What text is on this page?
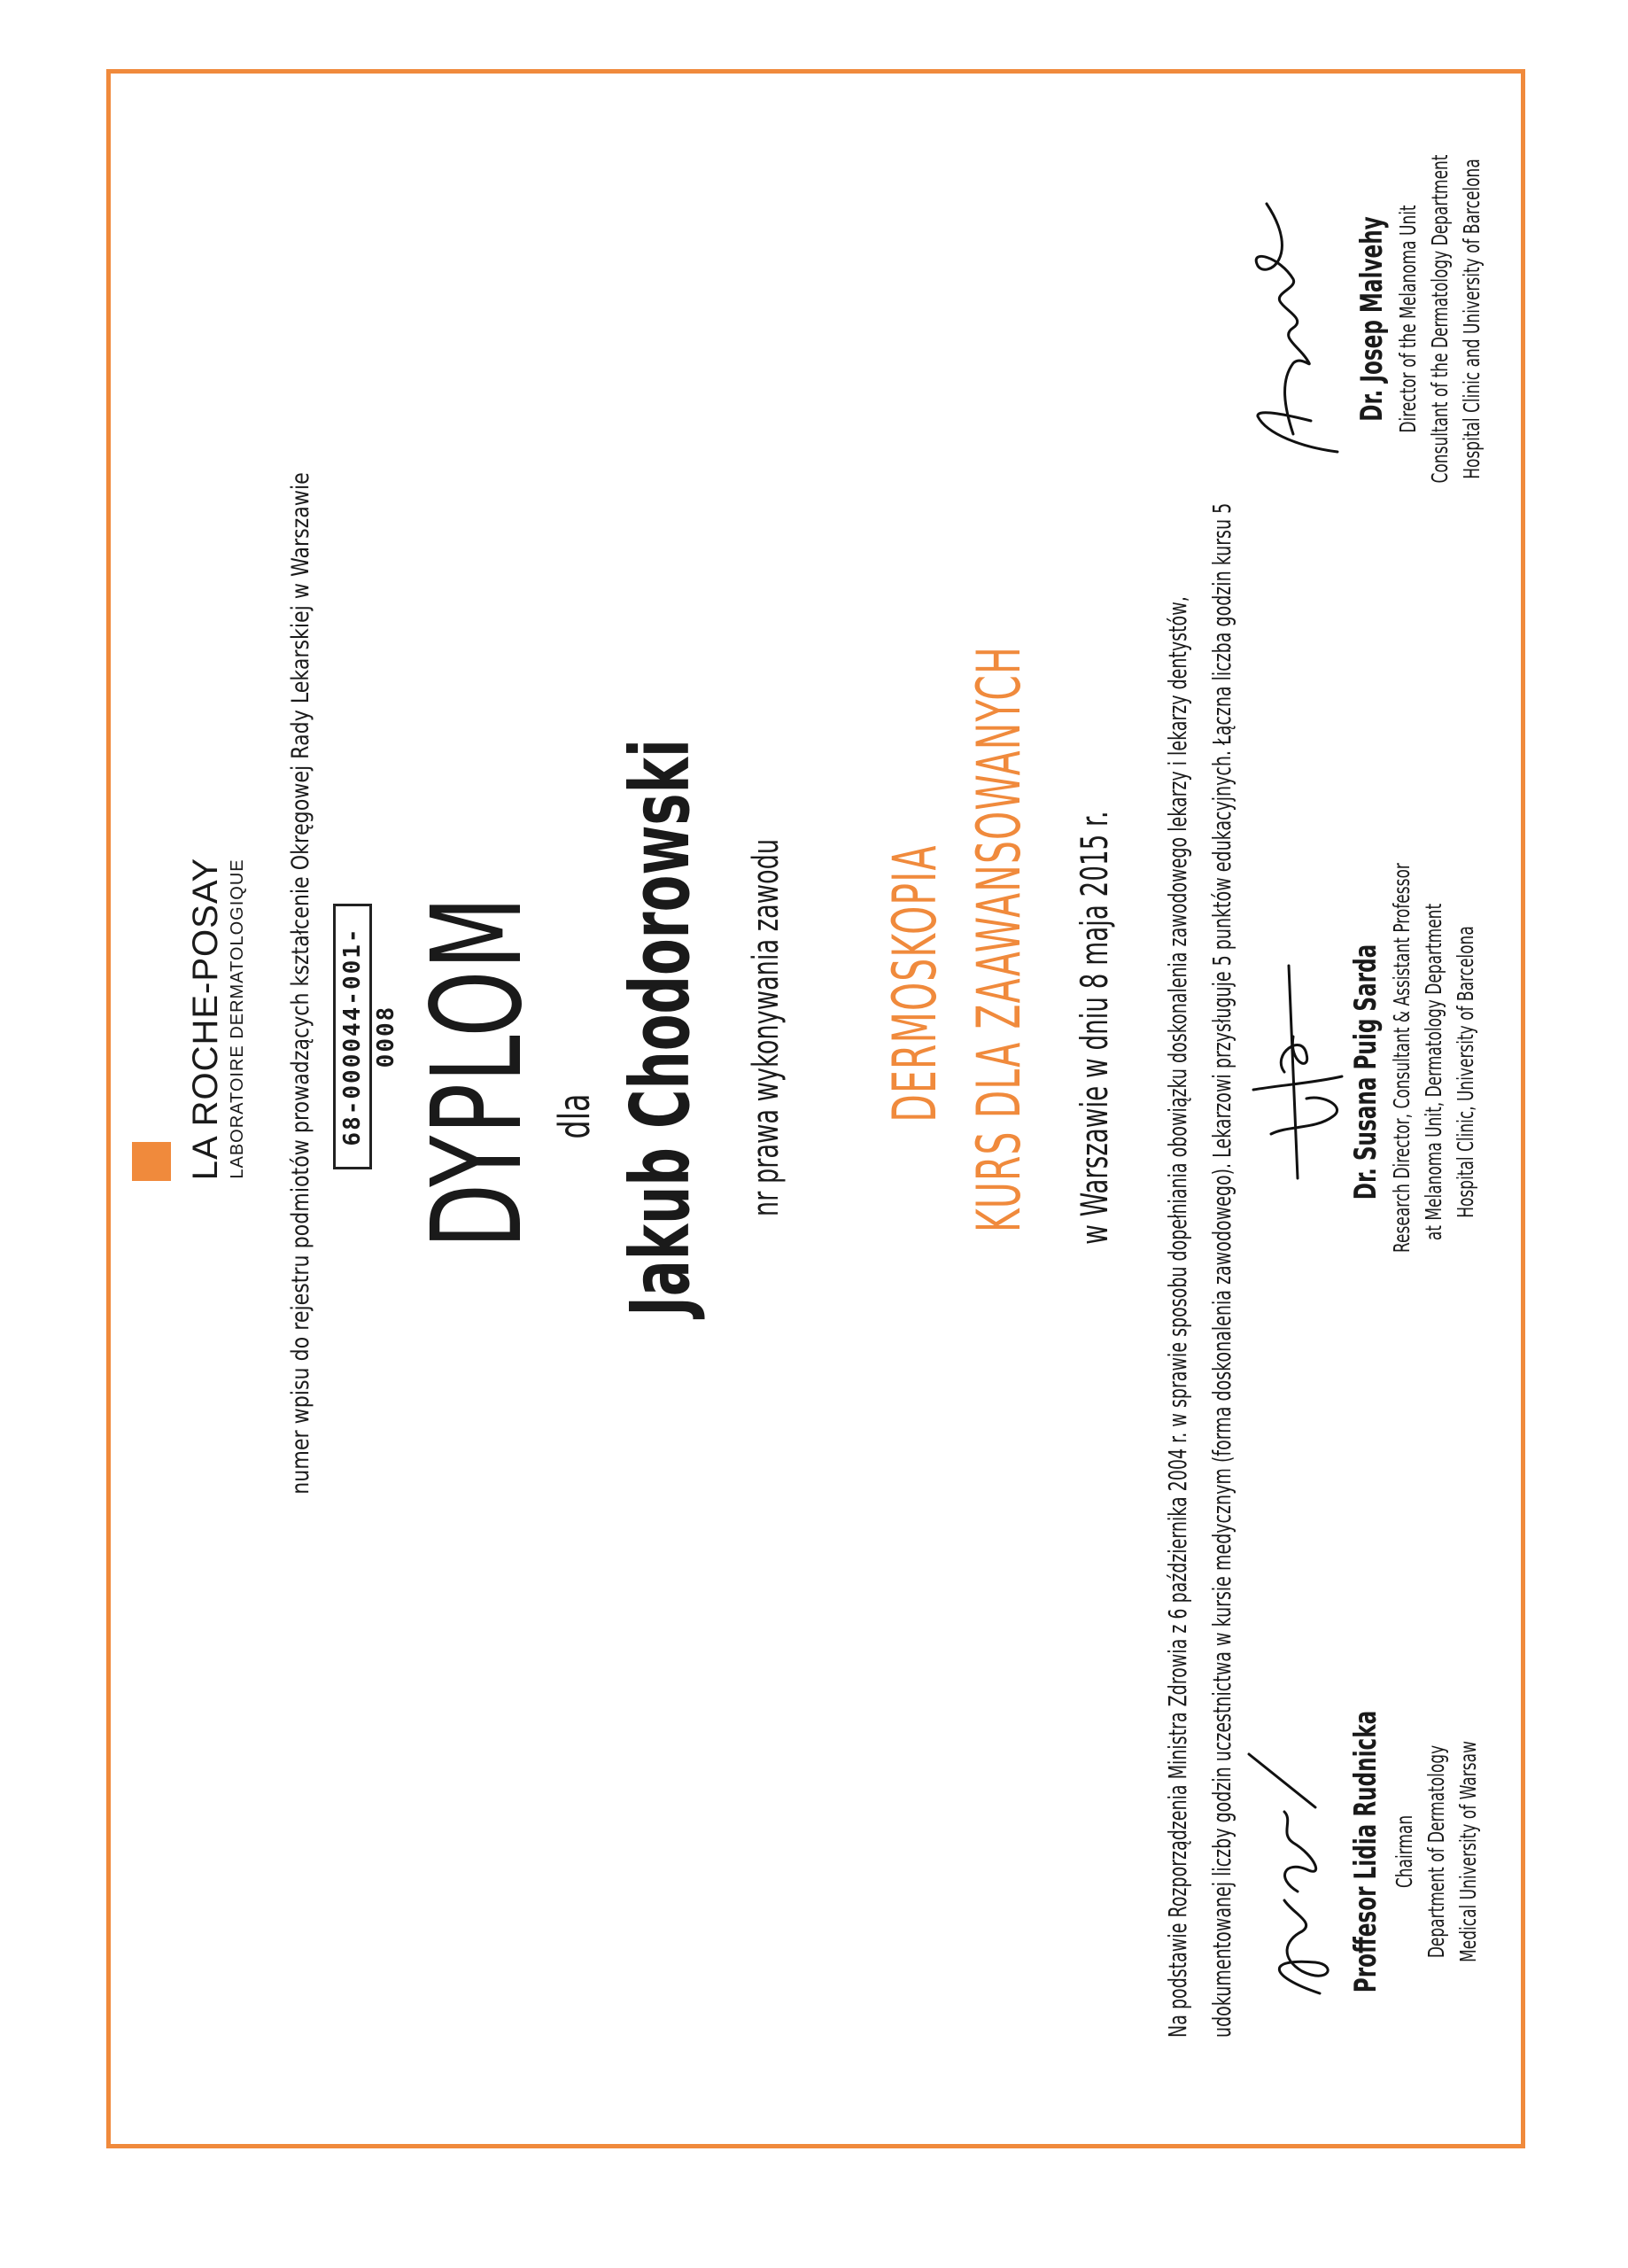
LA ROCHE-POSAY LABORATOIRE DERMATOLOGIQUE numer wpisu do rejestru podmiotów prowadzących kształcenie Okręgowej Rady Lekarskiej w Warszawie 68-000044-001-0008 DYPLOM dla Jakub Chodorowski nr prawa wykonywania zawodu DERMOSKOPIA KURS DLA ZAAWANSOWANYCH w Warszawie w dniu 8 maja 2015 r. Na podstawie Rozporządzenia Ministra Zdrowia z 6 października 2004 r. w sprawie sposobu dopełniania obowiązku doskonalenia zawodowego lekarzy i lekarzy dentystów, udokumentowanej liczby godzin uczestnictwa w kursie medycznym (forma doskonalenia zawodowego). Lekarzowi przysługuje 5 punktów edukacyjnych. Łączna liczba godzin kursu 5	Proffesor Lidia Rudnicka Chairman Department of Dermatology Medical University of Warsaw
Dr. Susana Puig Sarda Research Director, Consultant & Assistant Professor at Melanoma Unit, Dermatology Department Hospital Clinic, University of Barcelona
Dr. Josep Malvehy Director of the Melanoma Unit Consultant of the Dermatology Department Hospital Clinic and University of Barcelona
